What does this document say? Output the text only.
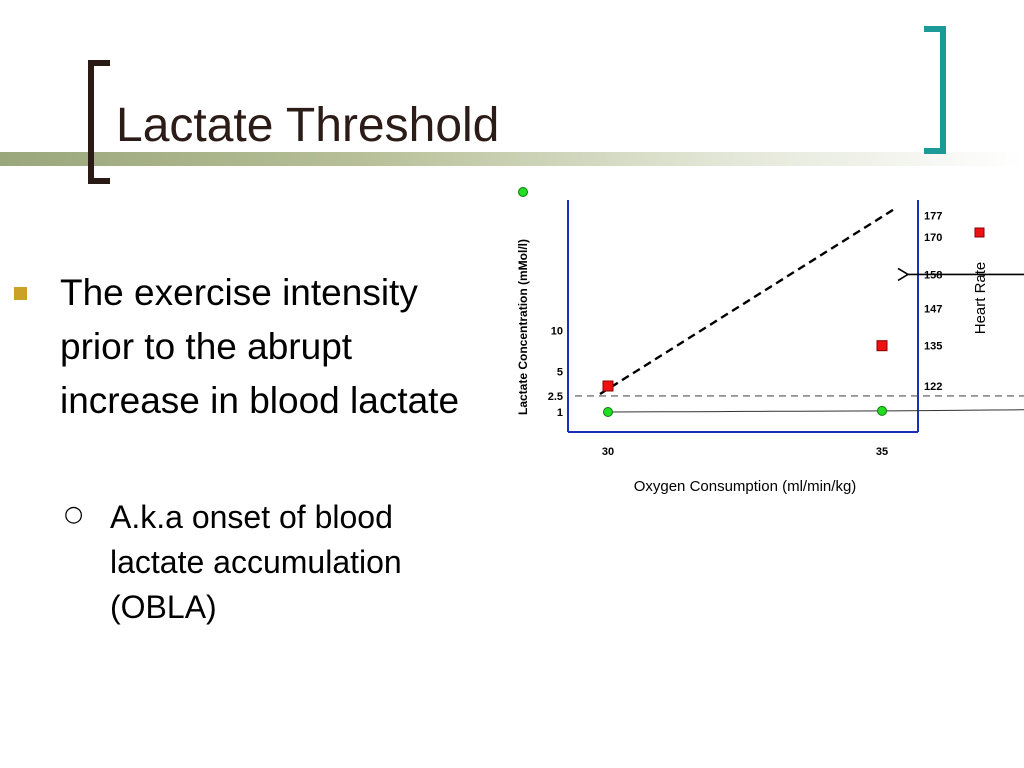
Lactate Threshold
The exercise intensity prior to the abrupt increase in blood lactate
○ A.k.a onset of blood lactate accumulation (OBLA)
30	35
1
2.5
5
10
122
135
147
158
170
177
Oxygen Consumption (ml/min/kg)
Lactate Concentration (mMol/l)	Heart Rate
